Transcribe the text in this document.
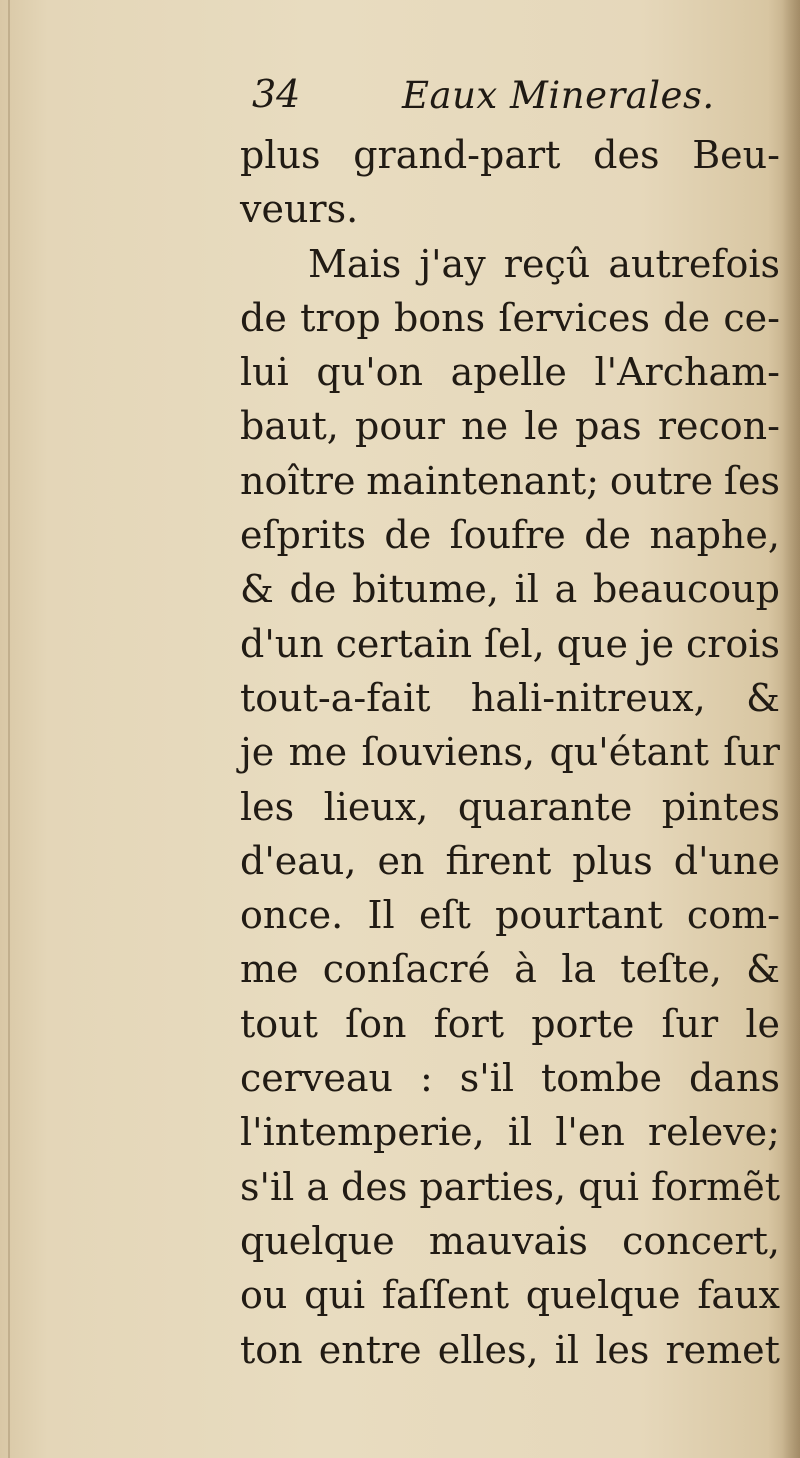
34	Eaux Minerales.
plus grand-part des Beu-
veurs.
Mais j'ay reçû autrefois
de trop bons ſervices de ce-
lui qu'on apelle l'Archam-
baut, pour ne le pas recon-
noître maintenant; outre ſes
eſprits de ſoufre de naphe,
& de bitume, il a beaucoup
d'un certain ſel, que je crois
tout-a-fait hali-nitreux, &
je me ſouviens, qu'étant ſur
les lieux, quarante pintes
d'eau, en firent plus d'une
once. Il eſt pourtant com-
me conſacré à la teſte, &
tout ſon fort porte ſur le
cerveau : s'il tombe dans
l'intemperie, il l'en releve;
s'il a des parties, qui formẽt
quelque mauvais concert,
ou qui faſſent quelque faux
ton entre elles, il les remet
